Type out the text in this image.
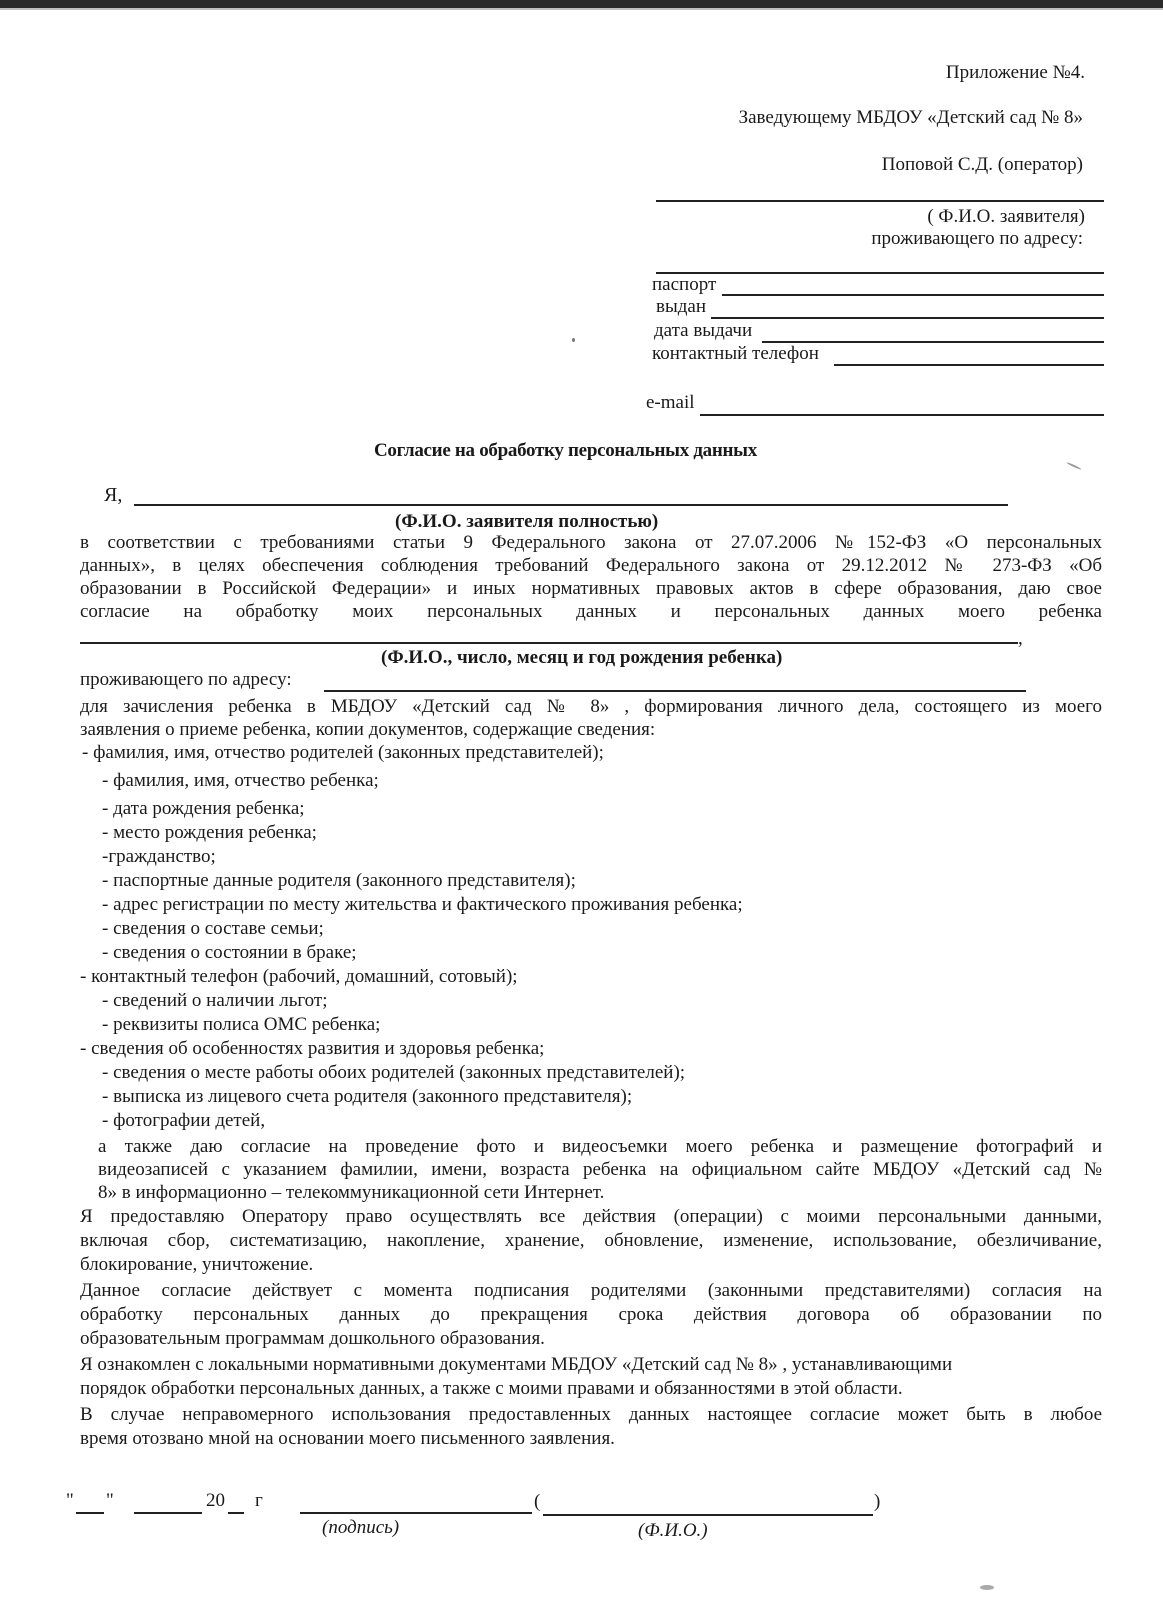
Приложение №4.
Заведующему МБДОУ «Детский сад № 8»
Поповой С.Д. (оператор)
( Ф.И.О. заявителя)
проживающего по адресу:
паспорт
выдан
дата выдачи
контактный телефон
e-mail
Согласие на обработку персональных данных
Я,
(Ф.И.О. заявителя полностью)
в соответствии с требованиями статьи 9 Федерального закона от 27.07.2006 №152-ФЗ «О персональных
данных», в целях обеспечения соблюдения требований Федерального закона от 29.12.2012 № 273-ФЗ «Об
образовании в Российской Федерации» и иных нормативных правовых актов в сфере образования, даю свое
согласие на обработку моих персональных данных и персональных данных моего ребенка
,
(Ф.И.О., число, месяц и год рождения ребенка)
проживающего по адресу:
для зачисления ребенка в МБДОУ «Детский сад № 8» , формирования личного дела, состоящего из моего
заявления о приеме ребенка, копии документов, содержащие сведения:
- фамилия, имя, отчество родителей (законных представителей);
- фамилия, имя, отчество ребенка;
- дата рождения ребенка;
- место рождения ребенка;
-гражданство;
- паспортные данные родителя (законного представителя);
- адрес регистрации по месту жительства и фактического проживания ребенка;
- сведения о составе семьи;
- сведения о состоянии в браке;
- контактный телефон (рабочий, домашний, сотовый);
- сведений о наличии льгот;
- реквизиты полиса ОМС ребенка;
- сведения об особенностях развития и здоровья ребенка;
- сведения о месте работы обоих родителей (законных представителей);
- выписка из лицевого счета родителя (законного представителя);
- фотографии детей,
а также даю согласие на проведение фото и видеосъемки моего ребенка и размещение фотографий и
видеозаписей с указанием фамилии, имени, возраста ребенка на официальном сайте МБДОУ «Детский сад №
8» в информационно – телекоммуникационной сети Интернет.
Я предоставляю Оператору право осуществлять все действия (операции) с моими персональными данными,
включая сбор, систематизацию, накопление, хранение, обновление, изменение, использование, обезличивание,
блокирование, уничтожение.
Данное согласие действует с момента подписания родителями (законными представителями) согласия на
обработку персональных данных до прекращения срока действия договора об образовании по
образовательным программам дошкольного образования.
Я ознакомлен с локальными нормативными документами МБДОУ «Детский сад № 8» , устанавливающими
порядок обработки персональных данных, а также с моими правами и обязанностями в этой области.
В случае неправомерного использования предоставленных данных настоящее согласие может быть в любое
время отозвано мной на основании моего письменного заявления.
" "	20 г	(	)
(подпись)	(Ф.И.О.)
